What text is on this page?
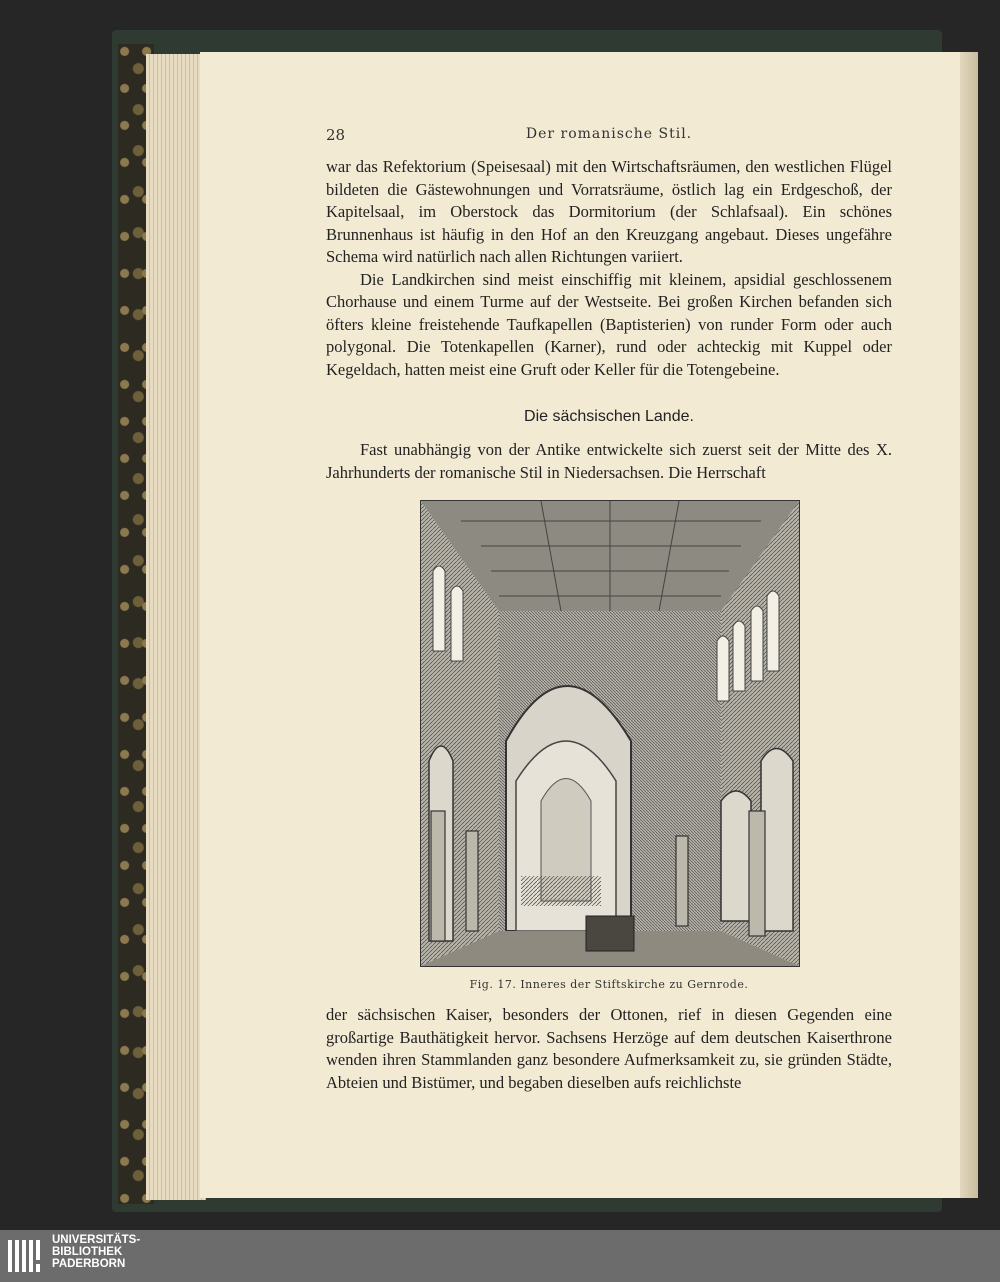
28	Der romanische Stil.

war das Refektorium (Speisesaal) mit den Wirtschaftsräumen, den westlichen Flügel bildeten die Gästewohnungen und Vorratsräume, östlich lag ein Erdgeschoß, der Kapitelsaal, im Oberstock das Dormitorium (der Schlafsaal). Ein schönes Brunnenhaus ist häufig in den Hof an den Kreuzgang angebaut. Dieses ungefähre Schema wird natürlich nach allen Richtungen variiert.

Die Landkirchen sind meist einschiffig mit kleinem, apsidial geschlossenem Chorhause und einem Turme auf der Westseite. Bei großen Kirchen befanden sich öfters kleine freistehende Taufkapellen (Baptisterien) von runder Form oder auch polygonal. Die Totenkapellen (Karner), rund oder achteckig mit Kuppel oder Kegeldach, hatten meist eine Gruft oder Keller für die Totengebeine.

Die sächsischen Lande.

Fast unabhängig von der Antike entwickelte sich zuerst seit der Mitte des X. Jahrhunderts der romanische Stil in Niedersachsen. Die Herrschaft

Fig. 17. Inneres der Stiftskirche zu Gernrode.

der sächsischen Kaiser, besonders der Ottonen, rief in diesen Gegenden eine großartige Bauthätigkeit hervor. Sachsens Herzöge auf dem deutschen Kaiserthrone wenden ihren Stammlanden ganz besondere Aufmerksamkeit zu, sie gründen Städte, Abteien und Bistümer, und begaben dieselben aufs reichlichste

UNIVERSITÄTS-
BIBLIOTHEK
PADERBORN
